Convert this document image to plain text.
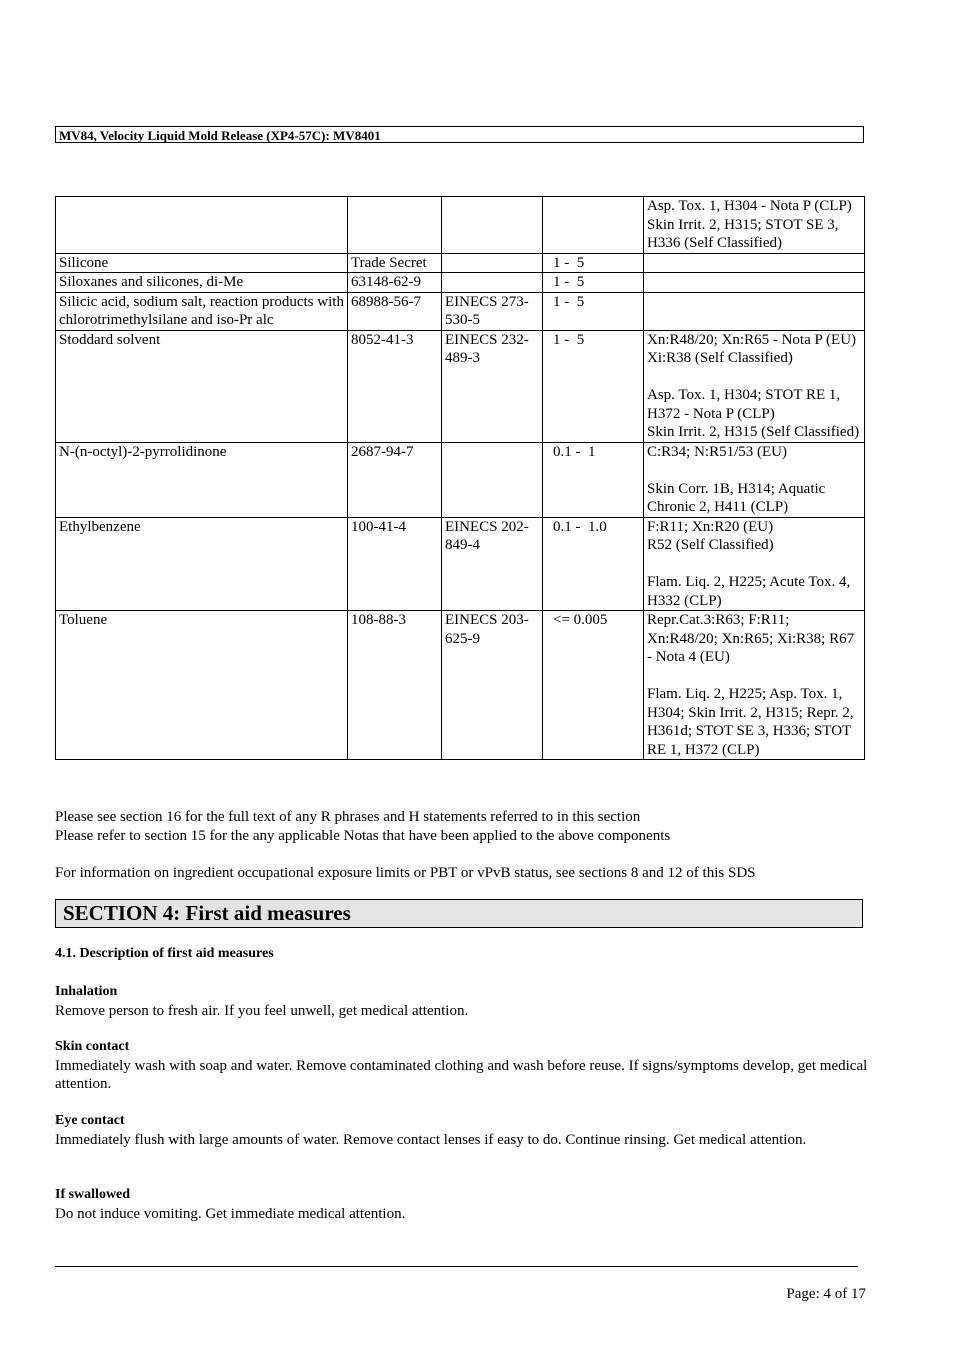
MV84, Velocity Liquid Mold Release (XP4-57C): MV8401

				Asp. Tox. 1, H304 - Nota P (CLP)
Skin Irrit. 2, H315; STOT SE 3, H336 (Self Classified)

Silicone	Trade Secret		1 -  5	
Siloxanes and silicones, di-Me	63148-62-9		1 -  5	
Silicic acid, sodium salt, reaction products with chlorotrimethylsilane and iso-Pr alc	68988-56-7	EINECS 273-530-5	1 -  5	
Stoddard solvent	8052-41-3	EINECS 232-489-3	1 -  5	Xn:R48/20; Xn:R65 - Nota P (EU)
Xi:R38 (Self Classified)
Asp. Tox. 1, H304; STOT RE 1, H372 - Nota P (CLP)
Skin Irrit. 2, H315 (Self Classified)

N-(n-octyl)-2-pyrrolidinone	2687-94-7		0.1 -  1	C:R34; N:R51/53 (EU)
Skin Corr. 1B, H314; Aquatic Chronic 2, H411 (CLP)

Ethylbenzene	100-41-4	EINECS 202-849-4	0.1 -  1.0	F:R11; Xn:R20 (EU)
R52 (Self Classified)
Flam. Liq. 2, H225; Acute Tox. 4, H332 (CLP)

Toluene	108-88-3	EINECS 203-625-9	<= 0.005	Repr.Cat.3:R63; F:R11; Xn:R48/20; Xn:R65; Xi:R38; R67 - Nota 4 (EU)
Flam. Liq. 2, H225; Asp. Tox. 1, H304; Skin Irrit. 2, H315; Repr. 2, H361d; STOT SE 3, H336; STOT RE 1, H372 (CLP)
Please see section 16 for the full text of any R phrases and H statements referred to in this section
Please refer to section 15 for the any applicable Notas that have been applied to the above components
For information on ingredient occupational exposure limits or PBT or vPvB status, see sections 8 and 12 of this SDS
SECTION 4: First aid measures
4.1. Description of first aid measures
Inhalation
Remove person to fresh air. If you feel unwell, get medical attention.
Skin contact
Immediately wash with soap and water. Remove contaminated clothing and wash before reuse. If signs/symptoms develop, get medical attention.
Eye contact
Immediately flush with large amounts of water. Remove contact lenses if easy to do. Continue rinsing. Get medical attention.
If swallowed
Do not induce vomiting. Get immediate medical attention.
Page: 4 of 17
